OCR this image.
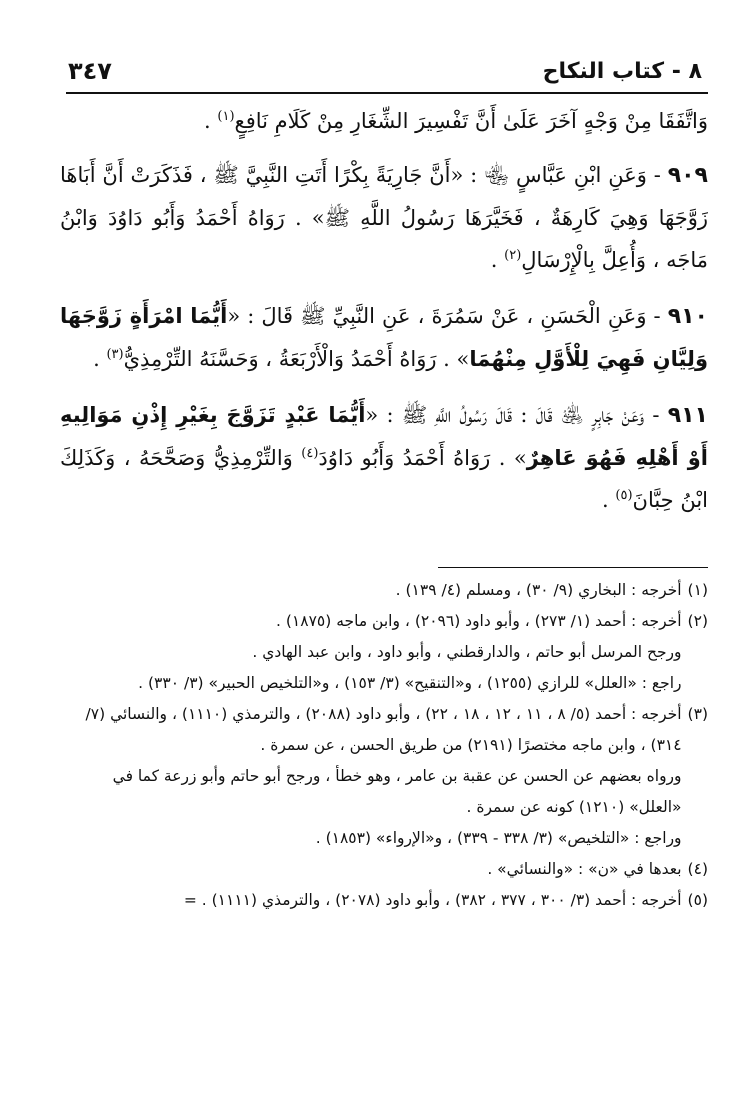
٨ - كتاب النكاح
٣٤٧

وَاتَّفَقَا مِنْ وَجْهٍ آخَرَ عَلَىٰ أَنَّ تَفْسِيرَ الشِّغَارِ مِنْ كَلَامِ نَافِعٍ$^{(١)}$ .

٩٠٩ - وَعَنِ ابْنِ عَبَّاسٍ ﵄ : «أَنَّ جَارِيَةً بِكْرًا أَتَتِ النَّبِيَّ ﷺ ، فَذَكَرَتْ أَنَّ أَبَاهَا زَوَّجَهَا وَهِيَ كَارِهَةٌ ، فَخَيَّرَهَا رَسُولُ اللَّهِ ﷺ» . رَوَاهُ أَحْمَدُ وَأَبُو دَاوُدَ وَابْنُ مَاجَه ، وَأُعِلَّ بِالْإِرْسَالِ$^{(٢)}$ .

٩١٠ - وَعَنِ الْحَسَنِ ، عَنْ سَمُرَةَ ، عَنِ النَّبِيِّ ﷺ قَالَ : «أَيُّمَا امْرَأَةٍ زَوَّجَهَا وَلِيَّانِ فَهِيَ لِلْأَوَّلِ مِنْهُمَا» . رَوَاهُ أَحْمَدُ وَالْأَرْبَعَةُ ، وَحَسَّنَهُ التِّرْمِذِيُّ$^{(٣)}$ .

٩١١ - وَعَنْ جَابِرٍ ﵁ قَالَ : قَالَ رَسُولُ اللَّهِ ﷺ : «أَيُّمَا عَبْدٍ تَزَوَّجَ بِغَيْرِ إِذْنِ مَوَالِيهِ أَوْ أَهْلِهِ فَهُوَ عَاهِرٌ» . رَوَاهُ أَحْمَدُ وَأَبُو دَاوُدَ$^{(٤)}$ وَالتِّرْمِذِيُّ وَصَحَّحَهُ ، وَكَذَلِكَ ابْنُ حِبَّانَ$^{(٥)}$ .

(١)

أخرجه : البخاري (٩/ ٣٠) ، ومسلم (٤/ ١٣٩) .

(٢)

أخرجه : أحمد (١/ ٢٧٣) ، وأبو داود (٢٠٩٦) ، وابن ماجه (١٨٧٥) .

ورجح المرسل أبو حاتم ، والدارقطني ، وأبو داود ، وابن عبد الهادي .

راجع : «العلل» للرازي (١٢٥٥) ، و«التنقيح» (٣/ ١٥٣) ، و«التلخيص الحبير» (٣/ ٣٣٠) .

(٣)

أخرجه : أحمد (٥/ ٨ ، ١١ ، ١٢ ، ١٨ ، ٢٢) ، وأبو داود (٢٠٨٨) ، والترمذي (١١١٠) ، والنسائي (٧/ ٣١٤) ، وابن ماجه مختصرًا (٢١٩١) من طريق الحسن ، عن سمرة .

ورواه بعضهم عن الحسن عن عقبة بن عامر ، وهو خطأ ، ورجح أبو حاتم وأبو زرعة كما في «العلل» (١٢١٠) كونه عن سمرة .

وراجع : «التلخيص» (٣/ ٣٣٨ - ٣٣٩) ، و«الإرواء» (١٨٥٣) .

(٤)

بعدها في «ن» : «والنسائي» .

(٥)

أخرجه : أحمد (٣/ ٣٠٠ ، ٣٧٧ ، ٣٨٢) ، وأبو داود (٢٠٧٨) ، والترمذي (١١١١) . =
